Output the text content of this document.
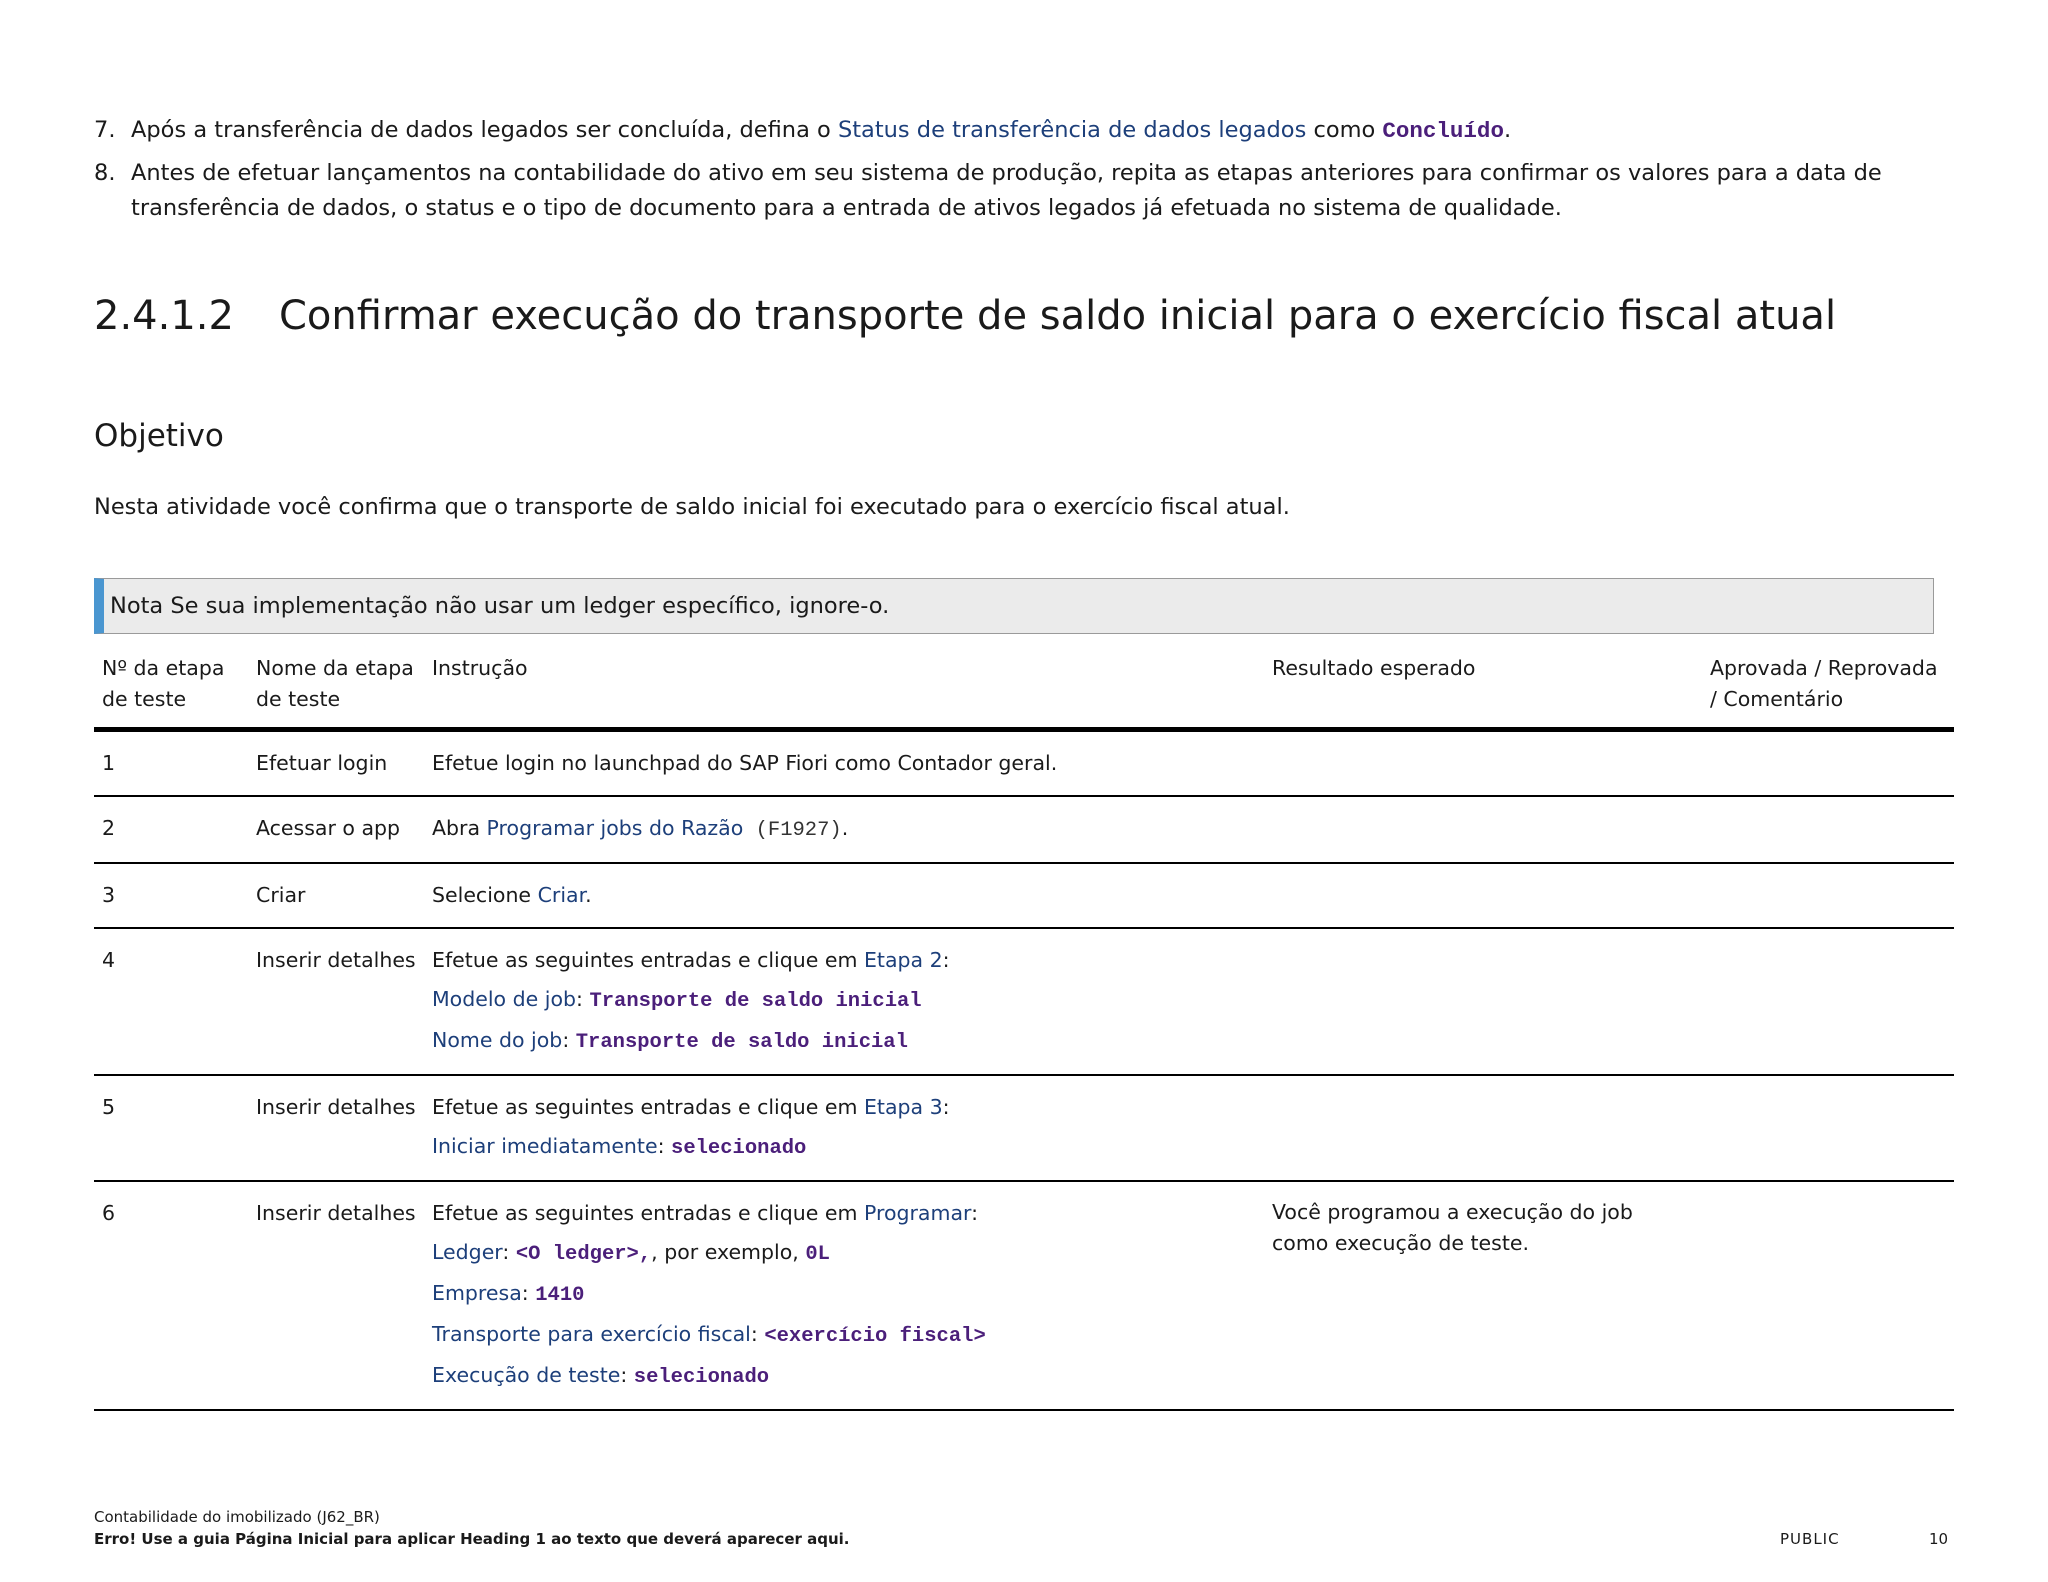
7. Após a transferência de dados legados ser concluída, defina o Status de transferência de dados legados como Concluído.
8. Antes de efetuar lançamentos na contabilidade do ativo em seu sistema de produção, repita as etapas anteriores para confirmar os valores para a data de transferência de dados, o status e o tipo de documento para a entrada de ativos legados já efetuada no sistema de qualidade.
2.4.1.2 Confirmar execução do transporte de saldo inicial para o exercício fiscal atual
Objetivo

Nesta atividade você confirma que o transporte de saldo inicial foi executado para o exercício fiscal atual.

Nota Se sua implementação não usar um ledger específico, ignore-o.
Nº da etapa de teste	Nome da etapa de teste	Instrução	Resultado esperado	Aprovada / Reprovada / Comentário
1	Efetuar login	Efetue login no launchpad do SAP Fiori como Contador geral.		
2	Acessar o app	Abra Programar jobs do Razão (F1927).		
3	Criar	Selecione Criar.		
4	Inserir detalhes	Efetue as seguintes entradas e clique em Etapa 2:
Modelo de job: Transporte de saldo inicial
Nome do job: Transporte de saldo inicial		

5	Inserir detalhes	Efetue as seguintes entradas e clique em Etapa 3:
Iniciar imediatamente: selecionado		

6	Inserir detalhes	Efetue as seguintes entradas e clique em Programar:
Ledger: <O ledger>,, por exemplo, 0L
Empresa: 1410
Transporte para exercício fiscal: <exercício fiscal>
Execução de teste: selecionado	Você programou a execução do job como execução de teste.	
Contabilidade do imobilizado (J62_BR)
Erro! Use a guia Página Inicial para aplicar Heading 1 ao texto que deverá aparecer aqui.	PUBLIC	10
